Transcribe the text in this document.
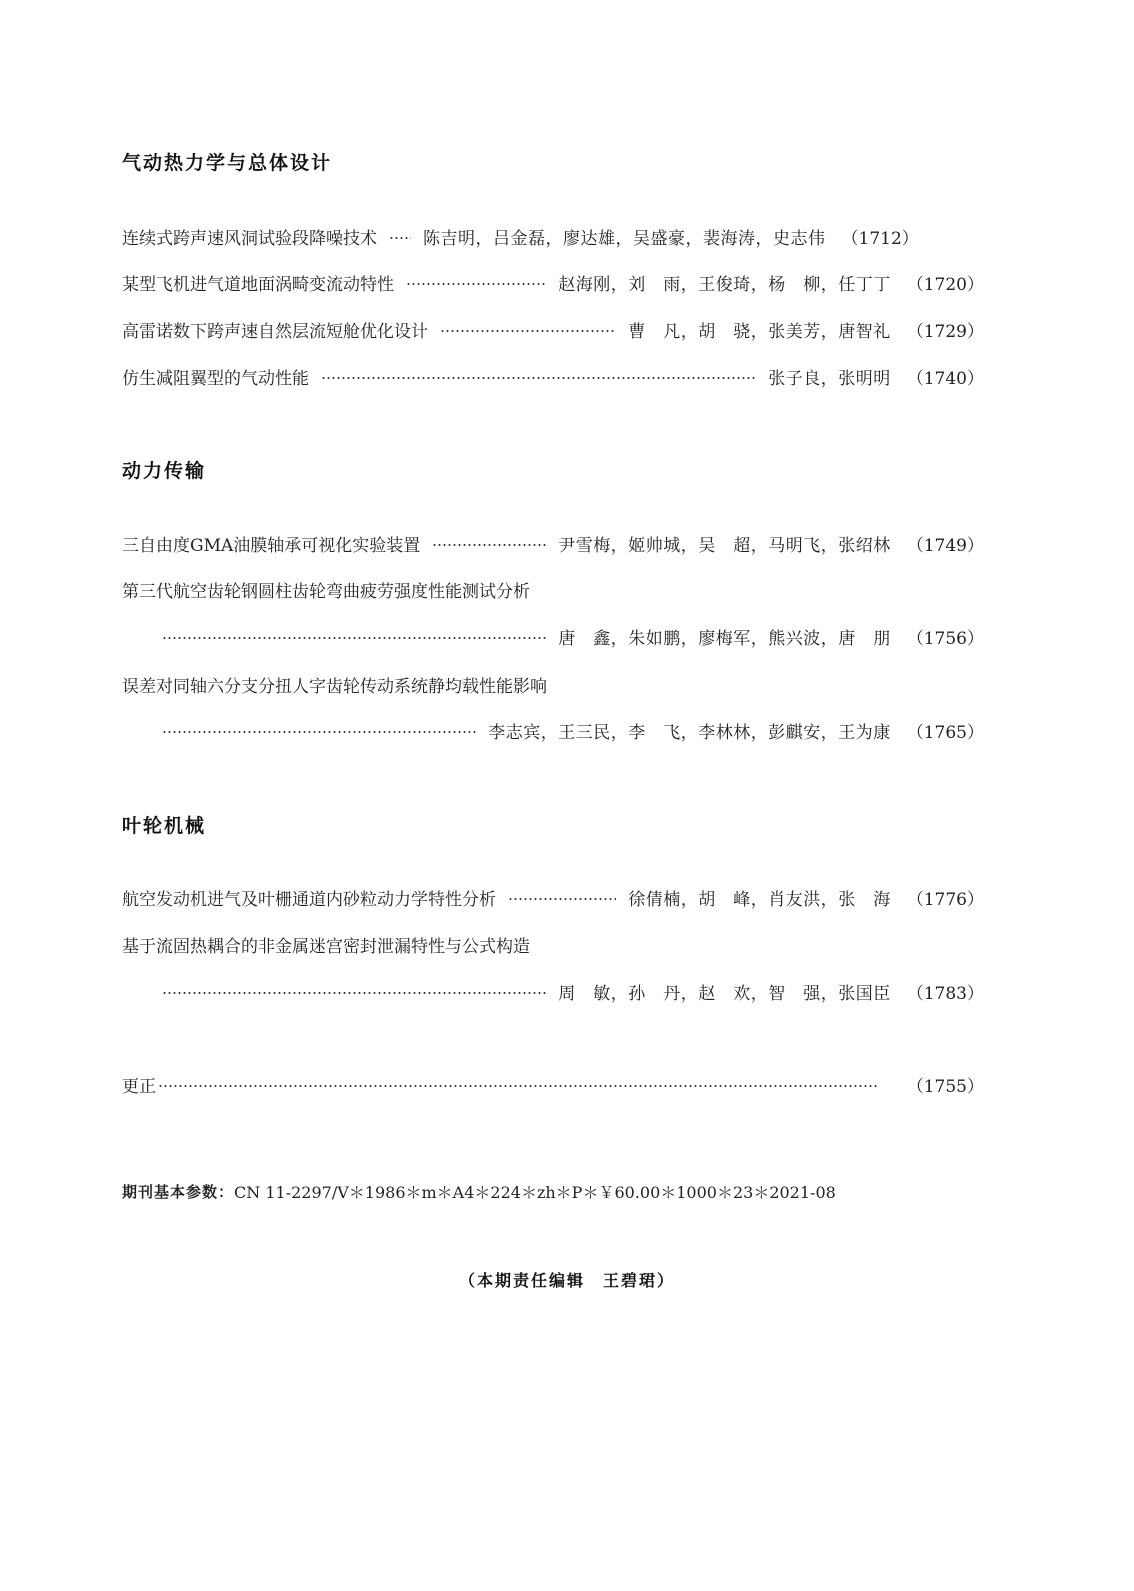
气动热力学与总体设计
连续式跨声速风洞试验段降噪技术	陈吉明，吕金磊，廖达雄，吴盛豪，裴海涛，史志伟 （1712）
某型飞机进气道地面涡畸变流动特性	赵海刚，刘　雨，王俊琦，杨　柳，任丁丁 （1720）
高雷诺数下跨声速自然层流短舱优化设计	曹　凡，胡　骁，张美芳，唐智礼 （1729）
仿生减阻翼型的气动性能	张子良，张明明 （1740）
动力传输
三自由度GMA油膜轴承可视化实验装置	尹雪梅，姬帅城，吴　超，马明飞，张绍林 （1749）
第三代航空齿轮钢圆柱齿轮弯曲疲劳强度性能测试分析
唐　鑫，朱如鹏，廖梅军，熊兴波，唐　朋 （1756）
误差对同轴六分支分扭人字齿轮传动系统静均载性能影响
李志宾，王三民，李　飞，李林林，彭麒安，王为康 （1765）
叶轮机械
航空发动机进气及叶栅通道内砂粒动力学特性分析	徐倩楠，胡　峰，肖友洪，张　海 （1776）
基于流固热耦合的非金属迷宫密封泄漏特性与公式构造
周　敏，孙　丹，赵　欢，智　强，张国臣 （1783）
更正	（1755）
期刊基本参数： CN 11-2297/V＊1986＊m＊A4＊224＊zh＊P＊￥60.00＊1000＊23＊2021-08
（本期责任编辑　王碧珺）
